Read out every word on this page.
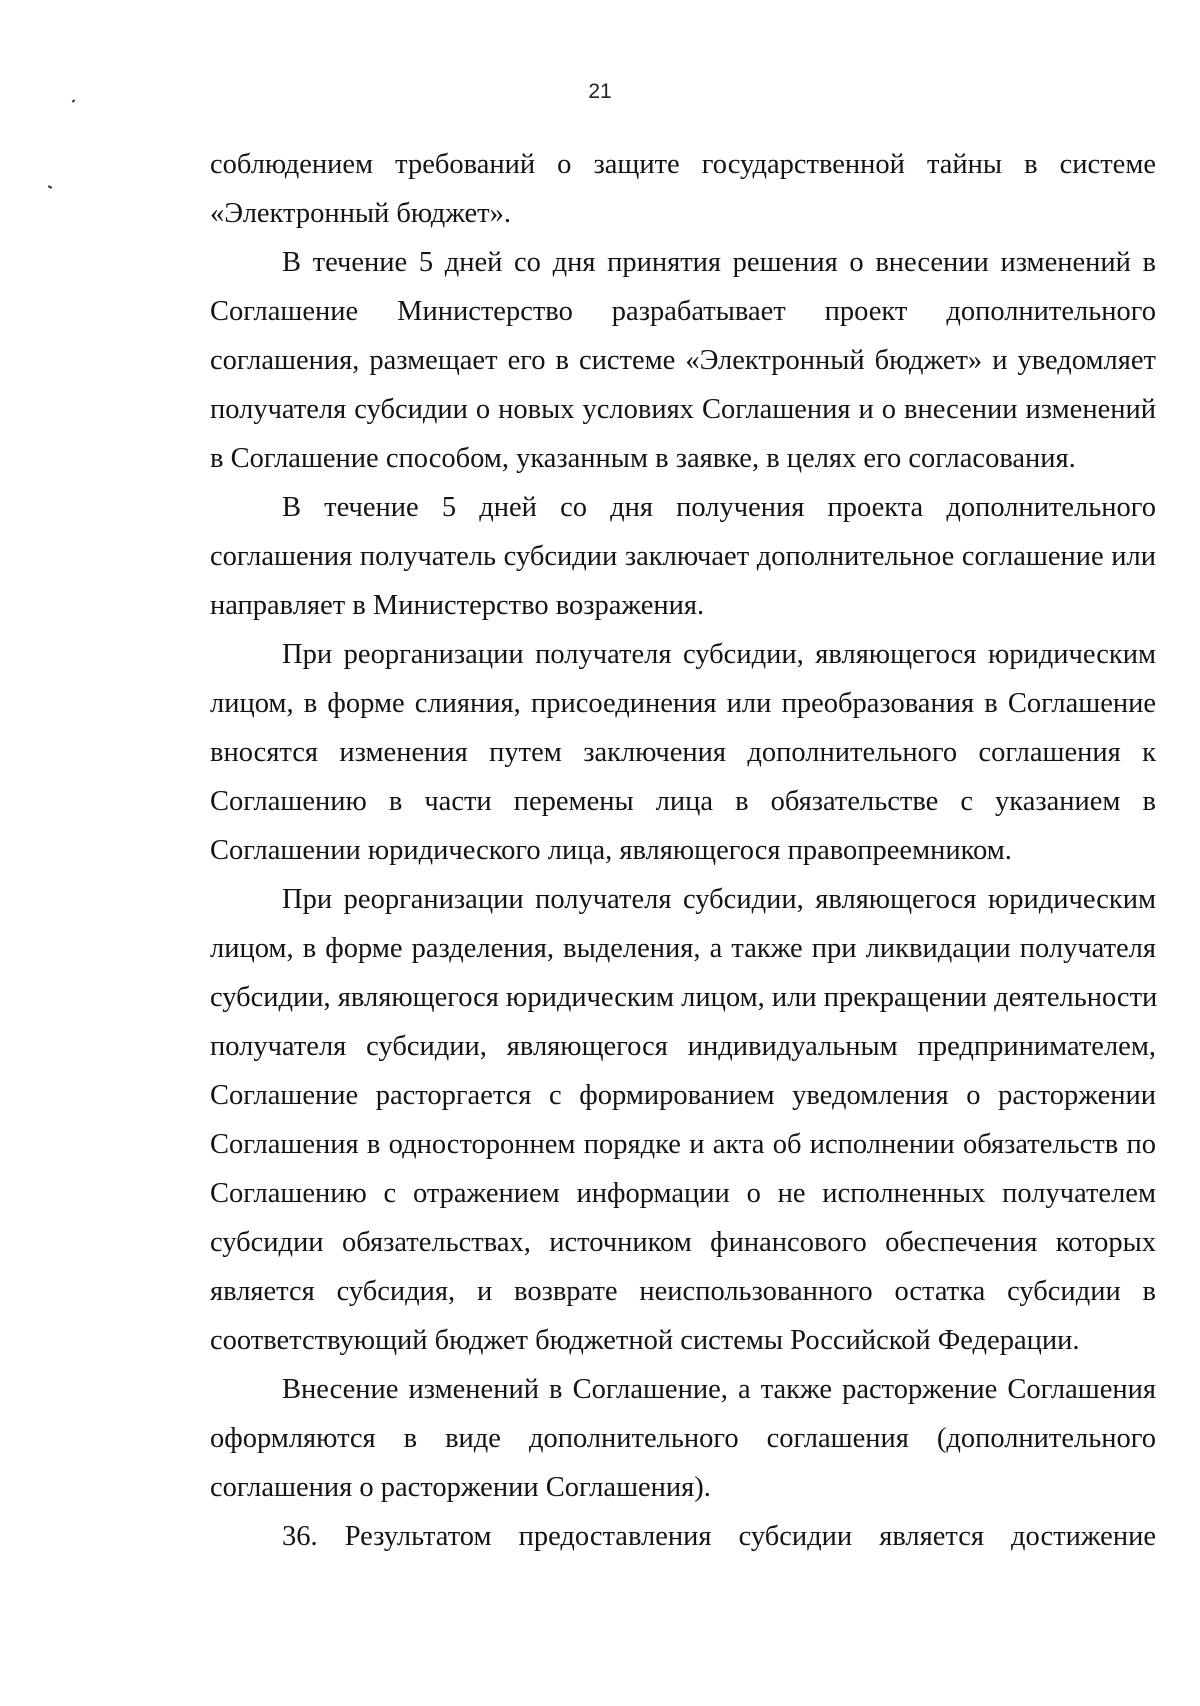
21
соблюдением требований о защите государственной тайны в системе
«Электронный бюджет».
В течение 5 дней со дня принятия решения о внесении изменений в
Соглашение Министерство разрабатывает проект дополнительного
соглашения, размещает его в системе «Электронный бюджет» и уведомляет
получателя субсидии о новых условиях Соглашения и о внесении изменений
в Соглашение способом, указанным в заявке, в целях его согласования.
В течение 5 дней со дня получения проекта дополнительного
соглашения получатель субсидии заключает дополнительное соглашение или
направляет в Министерство возражения.
При реорганизации получателя субсидии, являющегося юридическим
лицом, в форме слияния, присоединения или преобразования в Соглашение
вносятся изменения путем заключения дополнительного соглашения к
Соглашению в части перемены лица в обязательстве с указанием в
Соглашении юридического лица, являющегося правопреемником.
При реорганизации получателя субсидии, являющегося юридическим
лицом, в форме разделения, выделения, а также при ликвидации получателя
субсидии, являющегося юридическим лицом, или прекращении деятельности
получателя субсидии, являющегося индивидуальным предпринимателем,
Соглашение расторгается с формированием уведомления о расторжении
Соглашения в одностороннем порядке и акта об исполнении обязательств по
Соглашению с отражением информации о не исполненных получателем
субсидии обязательствах, источником финансового обеспечения которых
является субсидия, и возврате неиспользованного остатка субсидии в
соответствующий бюджет бюджетной системы Российской Федерации.
Внесение изменений в Соглашение, а также расторжение Соглашения
оформляются в виде дополнительного соглашения (дополнительного
соглашения о расторжении Соглашения).
36. Результатом предоставления субсидии является достижение
